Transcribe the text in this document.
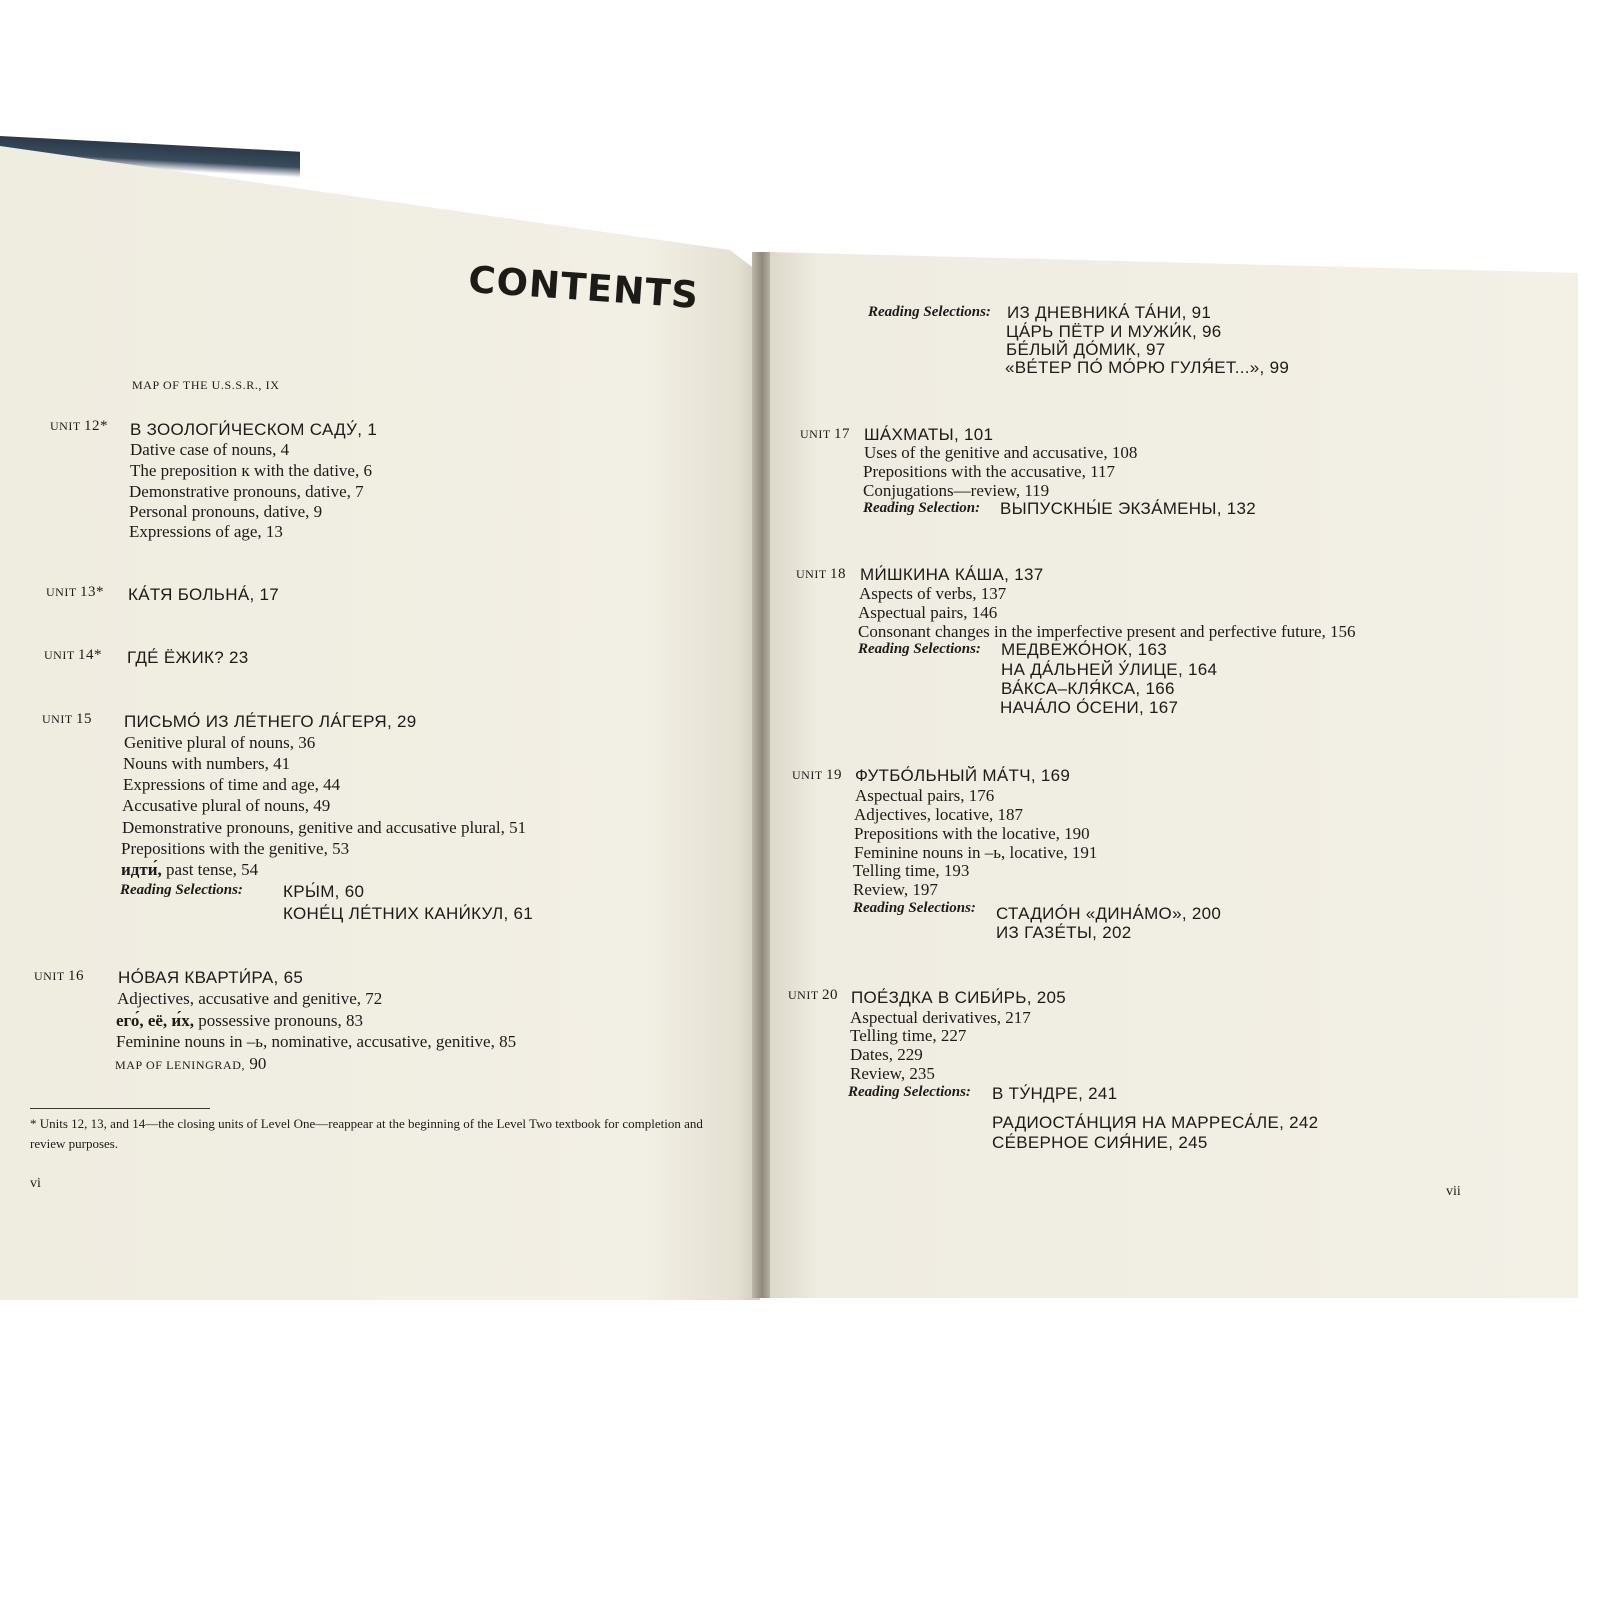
CONTENTS
MAP OF THE U.S.S.R., IX
UNIT 12* В ЗООЛОГИ́ЧЕСКОМ САДУ́, 1
Dative case of nouns, 4
The preposition к with the dative, 6
Demonstrative pronouns, dative, 7
Personal pronouns, dative, 9
Expressions of age, 13
UNIT 13* КА́ТЯ БОЛЬНА́, 17
UNIT 14* ГДЕ́ ЁЖИК? 23
UNIT 15 ПИСЬМО́ ИЗ ЛЕ́ТНЕГО ЛА́ГЕРЯ, 29
Genitive plural of nouns, 36
Nouns with numbers, 41
Expressions of time and age, 44
Accusative plural of nouns, 49
Demonstrative pronouns, genitive and accusative plural, 51
Prepositions with the genitive, 53
идти́, past tense, 54
Reading Selections: КРЫ́М, 60
КОНЕ́Ц ЛЕ́ТНИХ КАНИ́КУЛ, 61
UNIT 16 НО́ВАЯ КВАРТИ́РА, 65
Adjectives, accusative and genitive, 72
его́, её, и́х, possessive pronouns, 83
Feminine nouns in –ь, nominative, accusative, genitive, 85
MAP OF LENINGRAD, 90
* Units 12, 13, and 14—the closing units of Level One—reappear at the beginning of the Level Two textbook for completion and review purposes.
vi
Reading Selections: ИЗ ДНЕВНИКА́ ТА́НИ, 91
ЦА́РЬ ПЁТР И МУЖИ́К, 96
БЕ́ЛЫЙ ДО́МИК, 97
«ВЕ́ТЕР ПО́ МО́РЮ ГУЛЯ́ЕТ...», 99
UNIT 17 ША́ХМАТЫ, 101
Uses of the genitive and accusative, 108
Prepositions with the accusative, 117
Conjugations—review, 119
Reading Selection: ВЫПУСКНЫ́Е ЭКЗА́МЕНЫ, 132
UNIT 18 МИ́ШКИНА КА́ША, 137
Aspects of verbs, 137
Aspectual pairs, 146
Consonant changes in the imperfective present and perfective future, 156
Reading Selections: МЕДВЕЖО́НОК, 163
НА ДА́ЛЬНЕЙ У́ЛИЦЕ, 164
ВА́КСА–КЛЯ́КСА, 166
НАЧА́ЛО О́СЕНИ, 167
UNIT 19 ФУТБО́ЛЬНЫЙ МА́ТЧ, 169
Aspectual pairs, 176
Adjectives, locative, 187
Prepositions with the locative, 190
Feminine nouns in –ь, locative, 191
Telling time, 193
Review, 197
Reading Selections: СТАДИО́Н «ДИНА́МО», 200
ИЗ ГАЗЕ́ТЫ, 202
UNIT 20 ПОЕ́ЗДКА В СИБИ́РЬ, 205
Aspectual derivatives, 217
Telling time, 227
Dates, 229
Review, 235
Reading Selections: В ТУ́НДРЕ, 241
РАДИОСТА́НЦИЯ НА МАРРЕСА́ЛЕ, 242
СЕ́ВЕРНОЕ СИЯ́НИЕ, 245
vii
